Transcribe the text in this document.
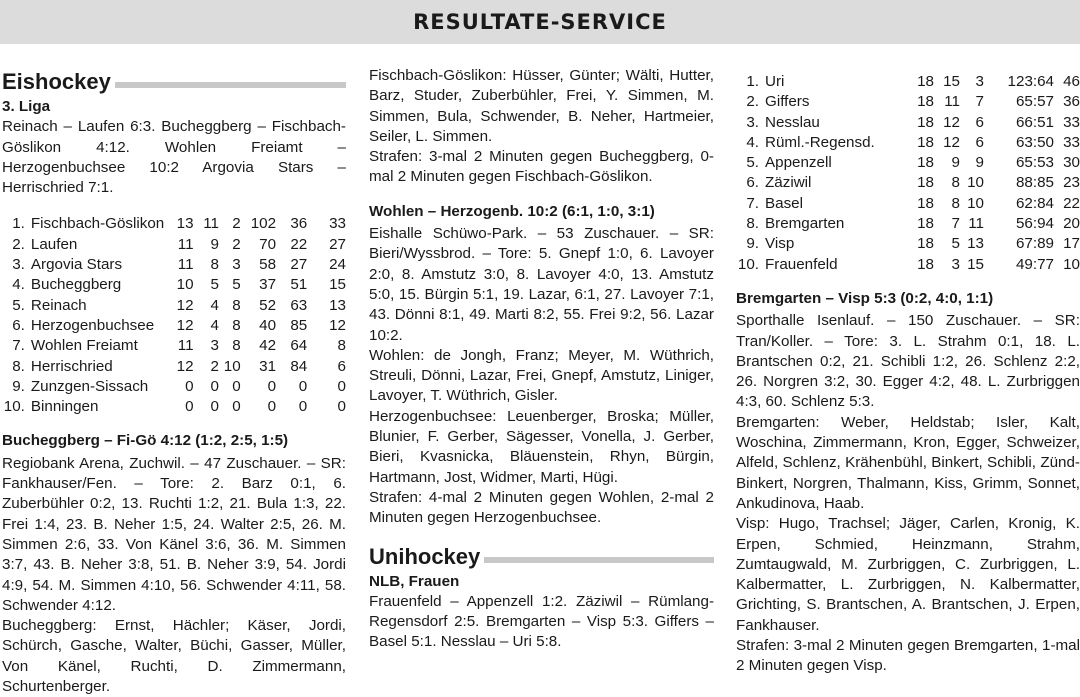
RESULTATE-SERVICE
Eishockey
3. Liga
Reinach – Laufen 6:3. Bucheggberg – Fischbach-Göslikon 4:12. Wohlen Freiamt – Herzogenbuchsee 10:2 Argovia Stars – Herrischried 7:1.
1.	Fischbach-Göslikon	13	11	2	102	36	33
2.	Laufen	11	9	2	70	22	27
3.	Argovia Stars	11	8	3	58	27	24
4.	Bucheggberg	10	5	5	37	51	15
5.	Reinach	12	4	8	52	63	13
6.	Herzogenbuchsee	12	4	8	40	85	12
7.	Wohlen Freiamt	11	3	8	42	64	8
8.	Herrischried	12	2	10	31	84	6
9.	Zunzgen-Sissach	0	0	0	0	0	0
10.	Binningen	0	0	0	0	0	0
Bucheggberg – Fi-Gö 4:12 (1:2, 2:5, 1:5)
Regiobank Arena, Zuchwil. – 47 Zuschauer. – SR: Fankhauser/Fen. – Tore: 2. Barz 0:1, 6. Zuberbühler 0:2, 13. Ruchti 1:2, 21. Bula 1:3, 22. Frei 1:4, 23. B. Neher 1:5, 24. Walter 2:5, 26. M. Simmen 2:6, 33. Von Känel 3:6, 36. M. Simmen 3:7, 43. B. Neher 3:8, 51. B. Neher 3:9, 54. Jordi 4:9, 54. M. Simmen 4:10, 56. Schwender 4:11, 58. Schwender 4:12.
Bucheggberg: Ernst, Hächler; Käser, Jordi, Schürch, Gasche, Walter, Büchi, Gasser, Müller, Von Känel, Ruchti, D. Zimmermann, Schurtenberger.
Fischbach-Göslikon: Hüsser, Günter; Wälti, Hutter, Barz, Studer, Zuberbühler, Frei, Y. Simmen, M. Simmen, Bula, Schwender, B. Neher, Hartmeier, Seiler, L. Simmen.
Strafen: 3-mal 2 Minuten gegen Bucheggberg, 0-mal 2 Minuten gegen Fischbach-Göslikon.
Wohlen – Herzogenb. 10:2 (6:1, 1:0, 3:1)
Eishalle Schüwo-Park. – 53 Zuschauer. – SR: Bieri/Wyssbrod. – Tore: 5. Gnepf 1:0, 6. Lavoyer 2:0, 8. Amstutz 3:0, 8. Lavoyer 4:0, 13. Amstutz 5:0, 15. Bürgin 5:1, 19. Lazar, 6:1, 27. Lavoyer 7:1, 43. Dönni 8:1, 49. Marti 8:2, 55. Frei 9:2, 56. Lazar 10:2.
Wohlen: de Jongh, Franz; Meyer, M. Wüthrich, Streuli, Dönni, Lazar, Frei, Gnepf, Amstutz, Liniger, Lavoyer, T. Wüthrich, Gisler.
Herzogenbuchsee: Leuenberger, Broska; Müller, Blunier, F. Gerber, Sägesser, Vonella, J. Gerber, Bieri, Kvasnicka, Bläuenstein, Rhyn, Bürgin, Hartmann, Jost, Widmer, Marti, Hügi.
Strafen: 4-mal 2 Minuten gegen Wohlen, 2-mal 2 Minuten gegen Herzogenbuchsee.
Unihockey
NLB, Frauen
Frauenfeld – Appenzell 1:2. Zäziwil – Rümlang-Regensdorf 2:5. Bremgarten – Visp 5:3. Giffers – Basel 5:1. Nesslau – Uri 5:8.
1.	Uri	18	15	3	123:64	46
2.	Giffers	18	11	7	65:57	36
3.	Nesslau	18	12	6	66:51	33
4.	Rüml.-Regensd.	18	12	6	63:50	33
5.	Appenzell	18	9	9	65:53	30
6.	Zäziwil	18	8	10	88:85	23
7.	Basel	18	8	10	62:84	22
8.	Bremgarten	18	7	11	56:94	20
9.	Visp	18	5	13	67:89	17
10.	Frauenfeld	18	3	15	49:77	10
Bremgarten – Visp 5:3 (0:2, 4:0, 1:1)
Sporthalle Isenlauf. – 150 Zuschauer. – SR: Tran/Koller. – Tore: 3. L. Strahm 0:1, 18. L. Brantschen 0:2, 21. Schibli 1:2, 26. Schlenz 2:2, 26. Norgren 3:2, 30. Egger 4:2, 48. L. Zurbriggen 4:3, 60. Schlenz 5:3.
Bremgarten: Weber, Heldstab; Isler, Kalt, Woschina, Zimmermann, Kron, Egger, Schweizer, Alfeld, Schlenz, Krähenbühl, Binkert, Schibli, Zünd-Binkert, Norgren, Thalmann, Kiss, Grimm, Sonnet, Ankudinova, Haab.
Visp: Hugo, Trachsel; Jäger, Carlen, Kronig, K. Erpen, Schmied, Heinzmann, Strahm, Zumtaugwald, M. Zurbriggen, C. Zurbriggen, L. Kalbermatter, L. Zurbriggen, N. Kalbermatter, Grichting, S. Brantschen, A. Brantschen, J. Erpen, Fankhauser.
Strafen: 3-mal 2 Minuten gegen Bremgarten, 1-mal 2 Minuten gegen Visp.
